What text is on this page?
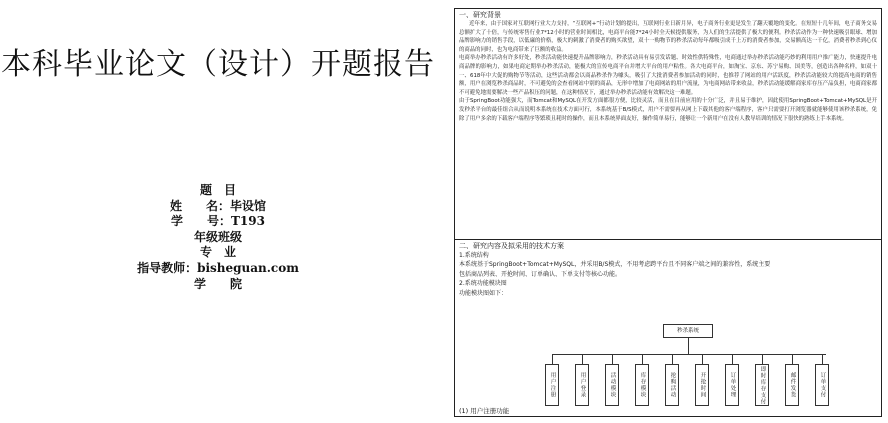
本科毕业论文（设计）开题报告
题　目
姓　　名：毕设馆
学　　号：T193
年级班级
专　业
指导教师：bisheguan.com
学　　院
一、研究背景

近年来，由于国家对互联网行业大力支持，“互联网+”行动计划的提出，互联网行业日新月异，电子商务行业更是发生了翻天覆地的变化。在短短十几年间，电子商务交易总额扩大了十倍，与传统零售行业7*12小时的营业时间相比，电商平台能7*24小时全天候提供服务，为人们的生活提供了极大的便利。秒杀活动作为一种快速吸引眼球、增加品牌影响力的销售手段，以低廉的价格，极大的刺激了消费者的购买欲望，双十一购物节的秒杀活动每年都吸引成千上万的消费者参加，交易额高达一千亿，消费者秒杀到心仪的商品的同时，也为电商带来了巨额的收益。

电商举办秒杀活动有许多好处，秒杀活动能快速提升品牌影响力，秒杀活动具有易引发话题、时效性供特殊性，电商通过举办秒杀活动能巧妙的利用用户推广能力，快速提升电商品牌的影响力，如果电商定期举办秒杀活动，能极大的宣传电商平台并增大平台的用户粘性。各大电商平台，如淘宝、京东、苏宁易购、国美等，创造出各种名样，如双十一、618年中大促的购物节等活动，这些活动都会以商品秒杀作为噱头，吸引了大批消费者参加活动的同时，也推荐了网站的用户活跃度，秒杀活动能较大的提高电商的销售额，用户在浏览秒杀商品时，不可避免的会查看网站中别的商品，无形中增加了电商网站的用户流量，为电商网站带来收益，秒杀活动能缓解商家库存压产品负担，电商商家都不可避免地需要解决一些产品积压的问题，在这种情况下，通过举办秒杀活动能有效解决这一难题。

由于SpringBoot功能强大，而Tomcat和MySQL在开发方面都很方便，比较灵活，而且在目前应用的十分广泛，并且易于维护，因此使用SpringBoot+Tomcat+MySQL是开发秒杀平台的最佳组合从而说明本系统在技术方面可行，本系统基于B/S模式，用户不需要再从网上下载其他的客户端程序，客户只需要打开浏览器就能够使用该秒杀系统，免除了用户多余的下载客户端程序等繁琐且耗时的操作，而且本系统界面友好，操作简单易行，能够让一个新用户在没有人教导培训的情况下很快的熟练上手本系统。

二、研究内容及拟采用的技术方案
1.系统结构
本系统基于SpringBoot+Tomcat+MySQL，并采用B/S模式，不用考虑跨平台且不同客户端之间的兼容性，系统主要
包括商品列表、开抢时间、订单确认、下单支付等核心功能。
2.系统功能模块图
功能模块图如下：
秒杀系统
用户注册	用户登录	活动模块	库存模块	抢购活动	开抢时间	订单处理	即时库存支付	邮件发货	订单支付
(1) 用户注册功能
